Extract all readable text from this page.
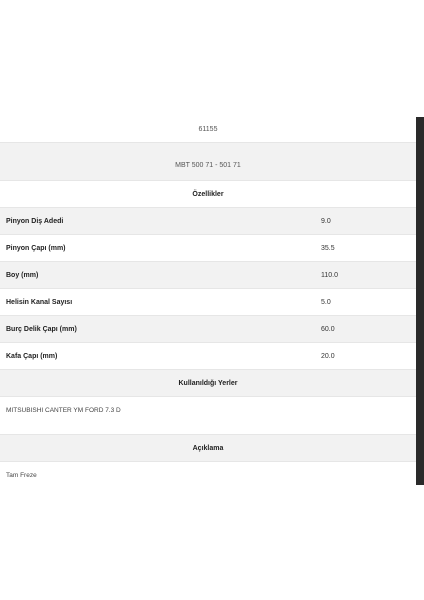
61155
MBT 500 71 - 501 71
Özellikler
Pinyon Diş Adedi	9.0
Pinyon Çapı (mm)	35.5
Boy (mm)	110.0
Helisin Kanal Sayısı	5.0
Burç Delik Çapı (mm)	60.0
Kafa Çapı (mm)	20.0
Kullanıldığı Yerler
MITSUBISHI CANTER YM FORD 7.3 D
Açıklama
Tam Freze
